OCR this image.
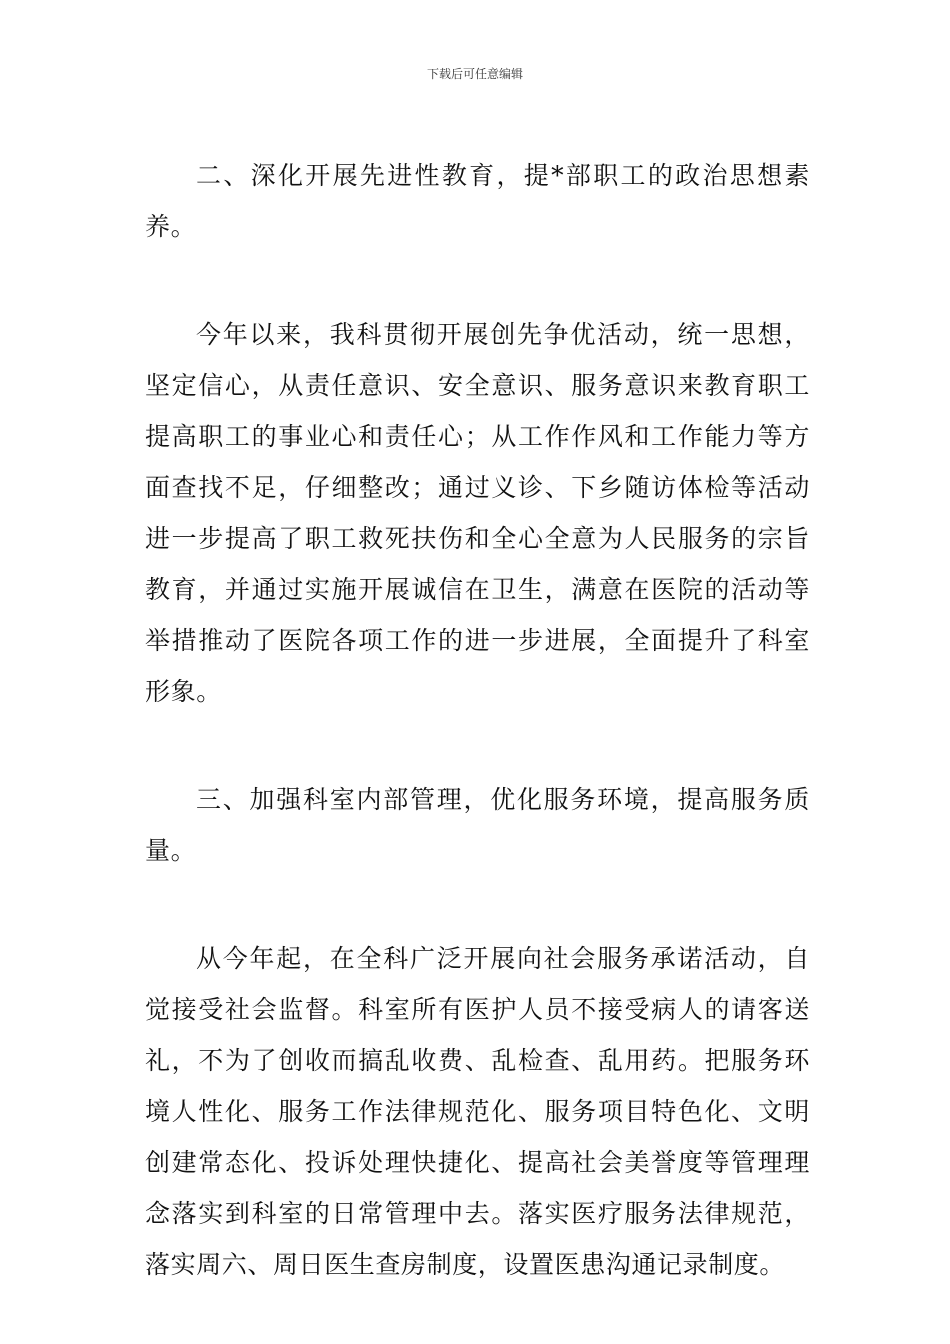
下载后可任意编辑

二、深化开展先进性教育，提*部职工的政治思想素养。

今年以来，我科贯彻开展创先争优活动，统一思想，坚定信心，从责任意识、安全意识、服务意识来教育职工提高职工的事业心和责任心；从工作作风和工作能力等方面查找不足，仔细整改；通过义诊、下乡随访体检等活动进一步提高了职工救死扶伤和全心全意为人民服务的宗旨教育，并通过实施开展诚信在卫生，满意在医院的活动等举措推动了医院各项工作的进一步进展，全面提升了科室形象。

三、加强科室内部管理，优化服务环境，提高服务质量。

从今年起，在全科广泛开展向社会服务承诺活动，自觉接受社会监督。科室所有医护人员不接受病人的请客送礼，不为了创收而搞乱收费、乱检查、乱用药。把服务环境人性化、服务工作法律规范化、服务项目特色化、文明创建常态化、投诉处理快捷化、提高社会美誉度等管理理念落实到科室的日常管理中去。落实医疗服务法律规范，落实周六、周日医生查房制度，设置医患沟通记录制度。
